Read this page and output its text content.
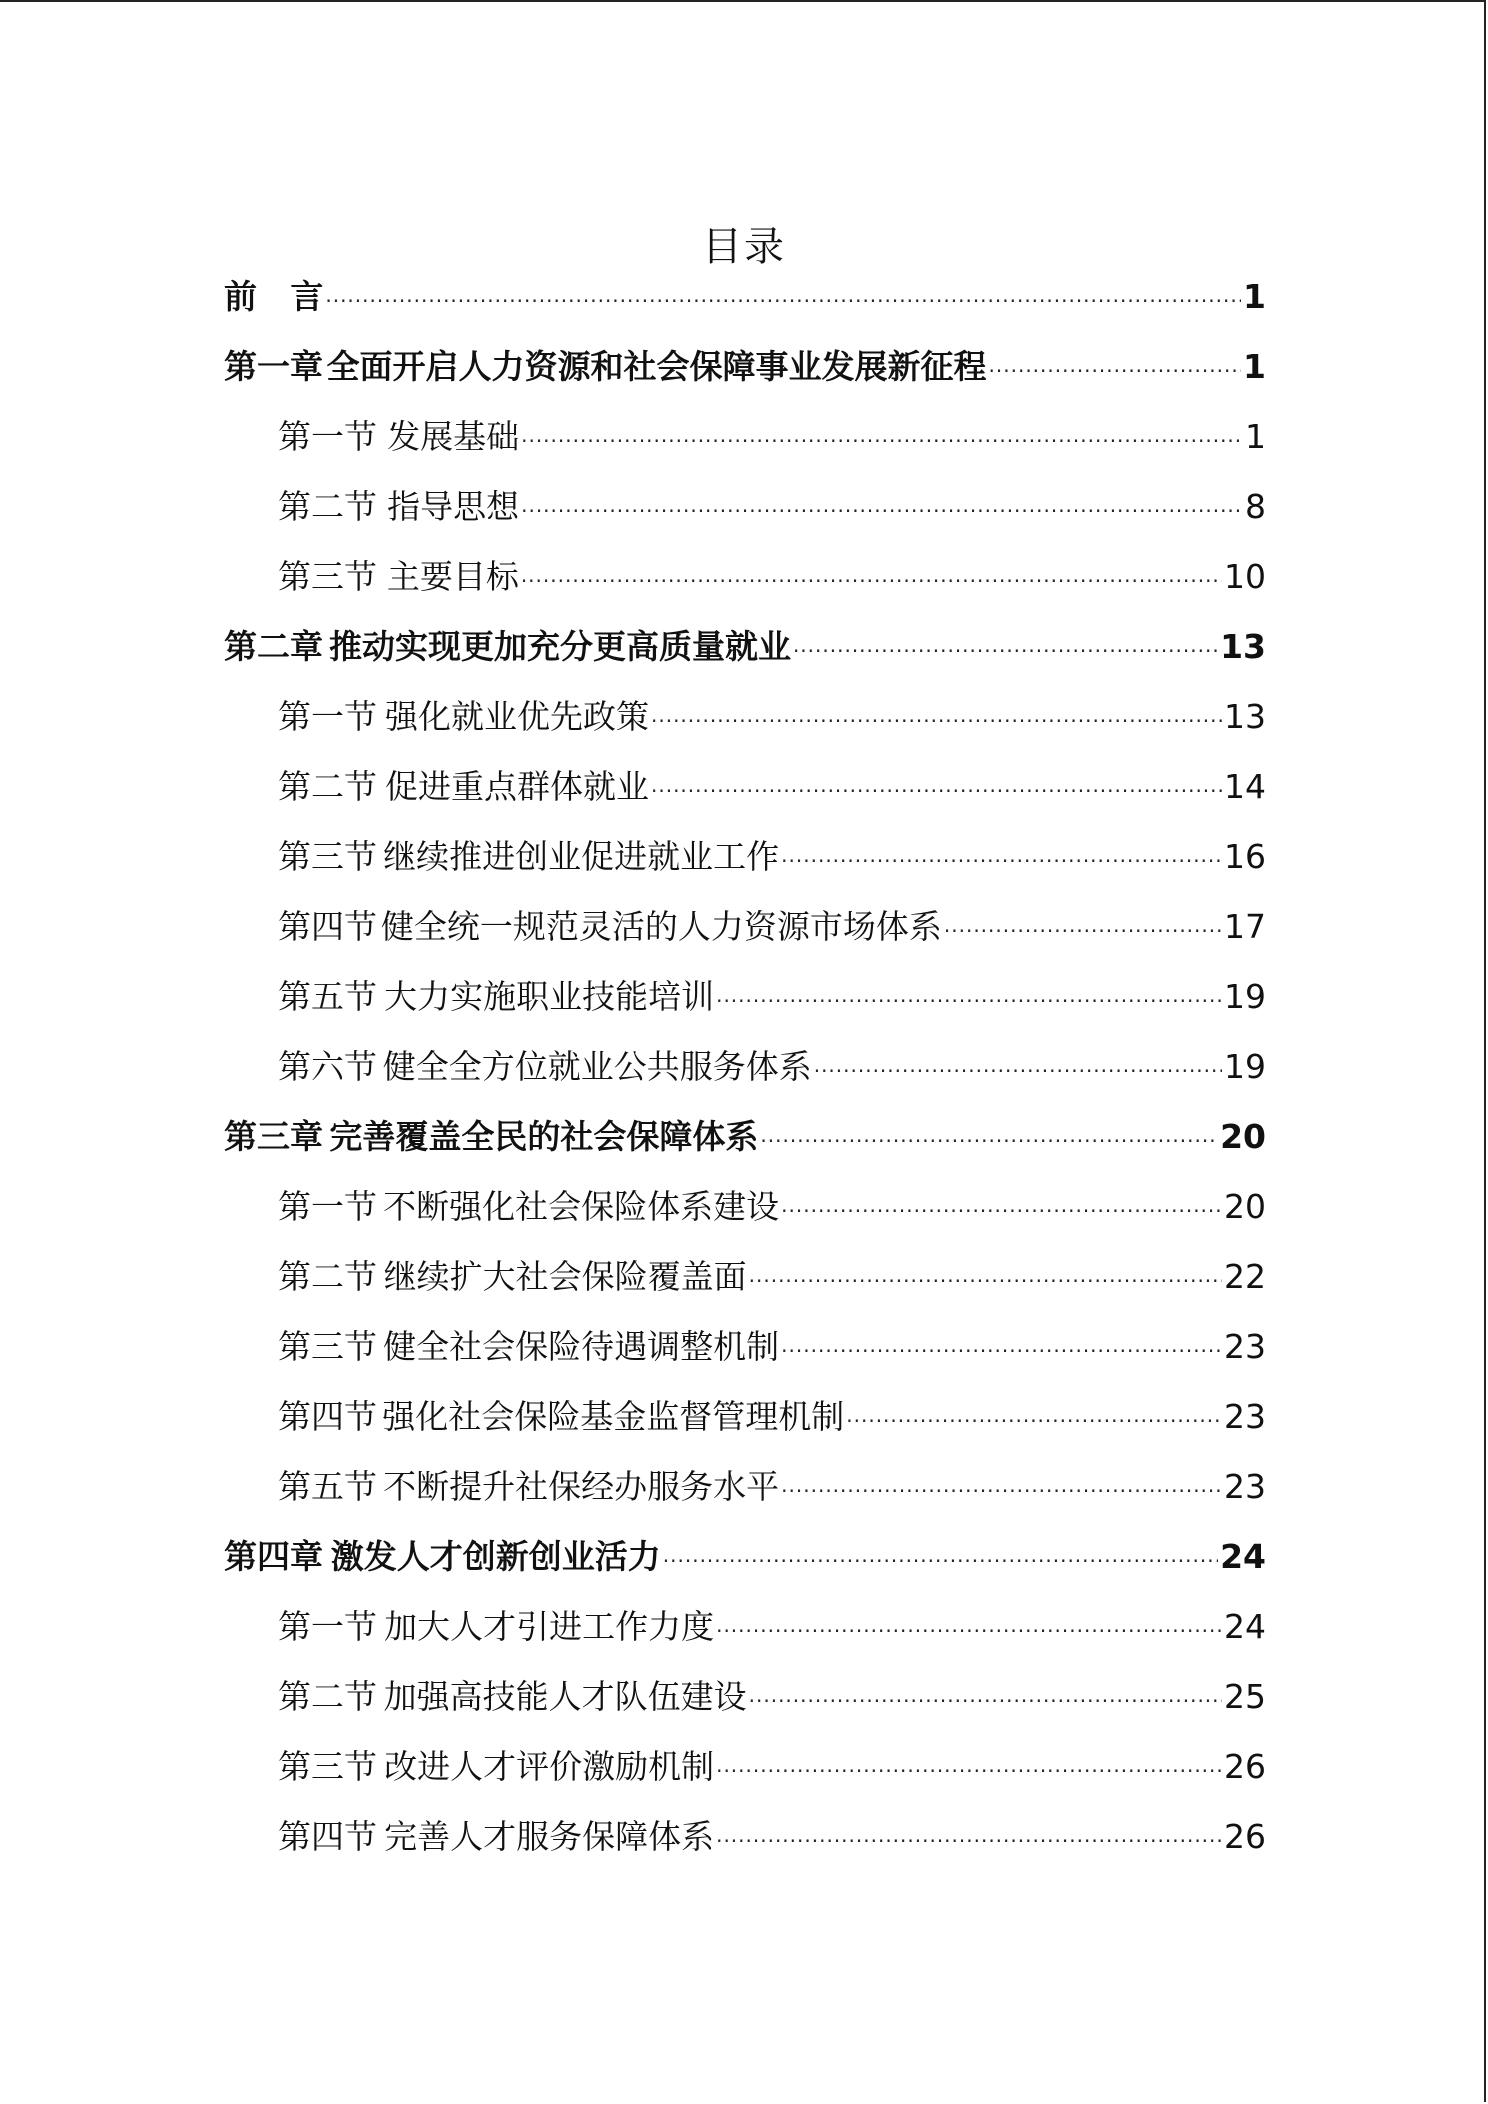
目录
前 言 ·····	1
第一章 全面开启人力资源和社会保障事业发展新征程 ·····	1
第一节 发展基础 ·····	1
第二节 指导思想 ·····	8
第三节 主要目标 ·····	10
第二章 推动实现更加充分更高质量就业 ·····	13
第一节 强化就业优先政策 ·····	13
第二节 促进重点群体就业 ·····	14
第三节 继续推进创业促进就业工作 ·····	16
第四节 健全统一规范灵活的人力资源市场体系 ·····	17
第五节 大力实施职业技能培训 ·····	19
第六节 健全全方位就业公共服务体系 ·····	19
第三章 完善覆盖全民的社会保障体系 ·····	20
第一节 不断强化社会保险体系建设 ·····	20
第二节 继续扩大社会保险覆盖面 ·····	22
第三节 健全社会保险待遇调整机制 ·····	23
第四节 强化社会保险基金监督管理机制 ·····	23
第五节 不断提升社保经办服务水平 ·····	23
第四章 激发人才创新创业活力 ·····	24
第一节 加大人才引进工作力度 ·····	24
第二节 加强高技能人才队伍建设 ·····	25
第三节 改进人才评价激励机制 ·····	26
第四节 完善人才服务保障体系 ·····	26
